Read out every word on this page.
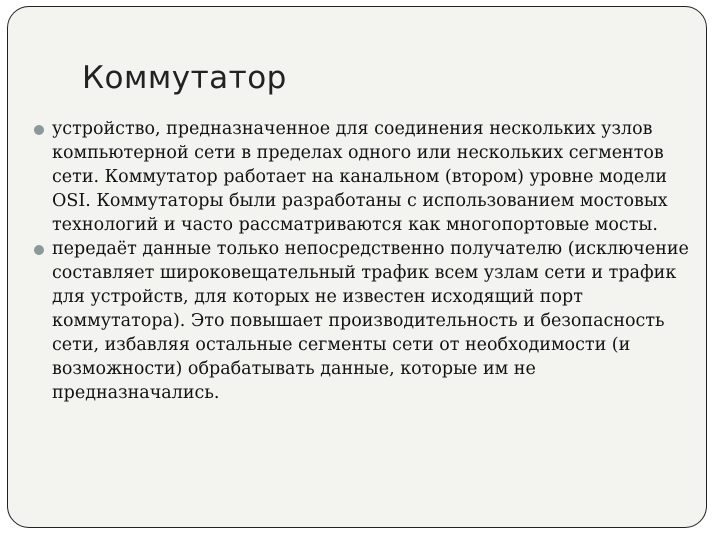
Коммутатор
устройство, предназначенное для соединения нескольких узлов компьютерной сети в пределах одного или нескольких сегментов сети. Коммутатор работает на канальном (втором) уровне модели OSI. Коммутаторы были разработаны с использованием мостовых технологий и часто рассматриваются как многопортовые мосты.
передаёт данные только непосредственно получателю (исключение составляет широковещательный трафик всем узлам сети и трафик для устройств, для которых не известен исходящий порт коммутатора). Это повышает производительность и безопасность сети, избавляя остальные сегменты сети от необходимости (и возможности) обрабатывать данные, которые им не предназначались.
